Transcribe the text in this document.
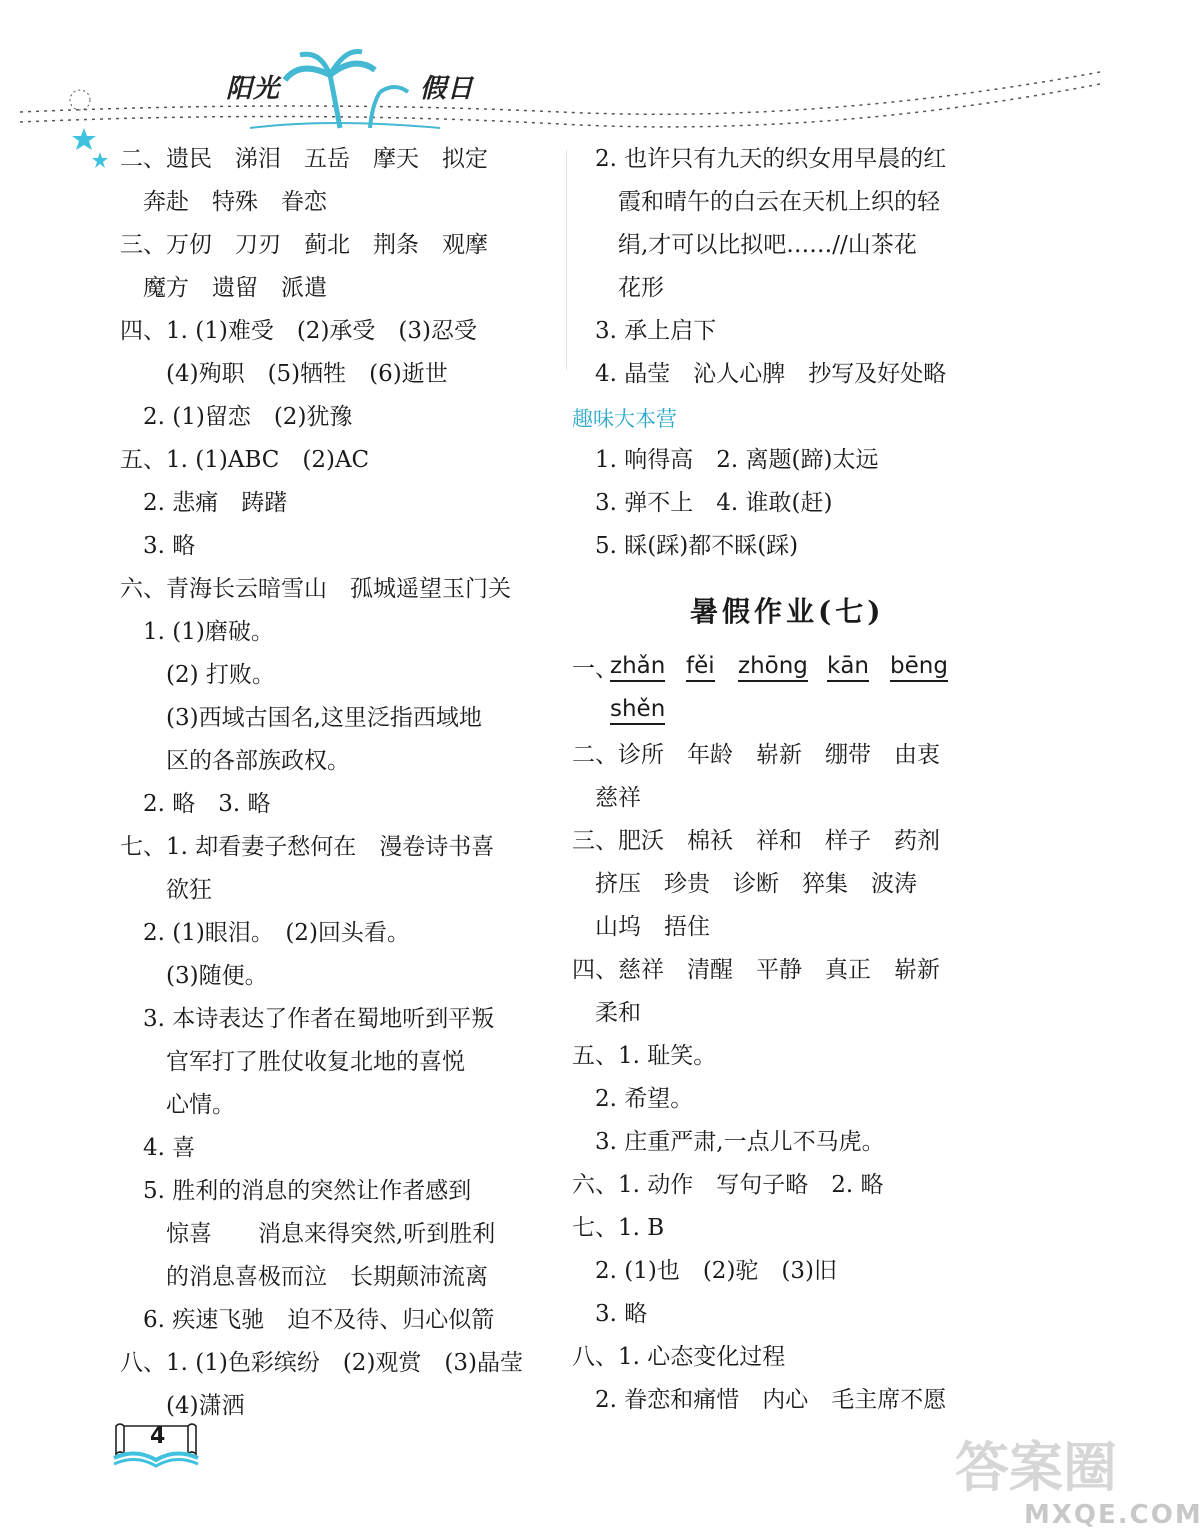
阳光	假日
二、遗民　涕泪　五岳　摩天　拟定
　奔赴　特殊　眷恋
三、万仞　刀刃　蓟北　荆条　观摩
　魔方　遗留　派遣
四、1. (1)难受　(2)承受　(3)忍受
　　(4)殉职　(5)牺牲　(6)逝世
　2. (1)留恋　(2)犹豫
五、1. (1)ABC　(2)AC
　2. 悲痛　踌躇
　3. 略
六、青海长云暗雪山　孤城遥望玉门关
　1. (1)磨破。
　　(2) 打败。
　　(3)西域古国名,这里泛指西域地
　　区的各部族政权。
　2. 略　3. 略
七、1. 却看妻子愁何在　漫卷诗书喜
　　欲狂
　2. (1)眼泪。　(2)回头看。
　　(3)随便。
　3. 本诗表达了作者在蜀地听到平叛
　　官军打了胜仗收复北地的喜悦
　　心情。
　4. 喜
　5. 胜利的消息的突然让作者感到
　　惊喜　　消息来得突然,听到胜利
　　的消息喜极而泣　长期颠沛流离
　6. 疾速飞驰　迫不及待、归心似箭
八、1. (1)色彩缤纷　(2)观赏　(3)晶莹
　　(4)潇洒
　2. 也许只有九天的织女用早晨的红
　　霞和晴午的白云在天机上织的轻
　　绢,才可以比拟吧……//山茶花
　　花形
　3. 承上启下
　4. 晶莹　沁人心脾　抄写及好处略
趣味大本营
　1. 响得高　2. 离题(蹄)太远
　3. 弹不上　4. 谁敢(赶)
　5. 睬(踩)都不睬(踩)
暑假作业(七)
一、
zhǎn fěi zhōng kān bēng
shěn
二、诊所　年龄　崭新　绷带　由衷
　慈祥
三、肥沃　棉袄　祥和　样子　药剂
　挤压　珍贵　诊断　猝集　波涛
　山坞　捂住
四、慈祥　清醒　平静　真正　崭新
　柔和
五、1. 耻笑。
　2. 希望。
　3. 庄重严肃,一点儿不马虎。
六、1. 动作　写句子略　2. 略
七、1. B
　2. (1)也　(2)驼　(3)旧
　3. 略
八、1. 心态变化过程
　2. 眷恋和痛惜　内心　毛主席不愿
4	答案圈
MXQE.COM
